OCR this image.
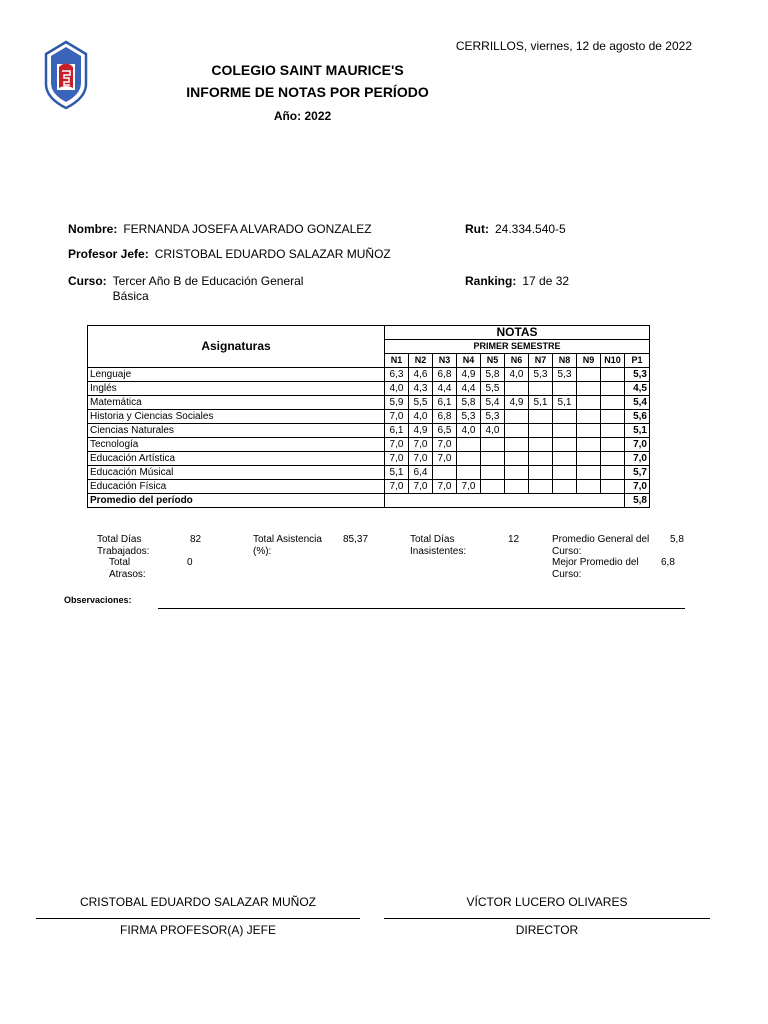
CERRILLOS, viernes, 12 de agosto de 2022
COLEGIO SAINT MAURICE'S
INFORME DE NOTAS POR PERÍODO
Año: 2022
Nombre: FERNANDA JOSEFA ALVARADO GONZALEZ	Rut: 24.334.540-5
Profesor Jefe: CRISTOBAL EDUARDO SALAZAR MUÑOZ
Curso: Tercer Año B de Educación General Básica
Ranking: 17 de 32
Asignaturas	NOTAS										
	PRIMER SEMESTRE										
	N1	N2	N3	N4	N5	N6	N7	N8	N9	N10	P1
Lenguaje	6,3	4,6	6,8	4,9	5,8	4,0	5,3	5,3			5,3
Inglés	4,0	4,3	4,4	4,4	5,5						4,5
Matemática	5,9	5,5	6,1	5,8	5,4	4,9	5,1	5,1			5,4
Historia y Ciencias Sociales	7,0	4,0	6,8	5,3	5,3						5,6
Ciencias Naturales	6,1	4,9	6,5	4,0	4,0						5,1
Tecnología	7,0	7,0	7,0								7,0
Educación Artística	7,0	7,0	7,0								7,0
Educación Músical	5,1	6,4									5,7
Educación Física	7,0	7,0	7,0	7,0							7,0
Promedio del período											5,8
Total Días Trabajados:
82	Total Asistencia (%):
85,37	Total Días Inasistentes:
12	Promedio General del Curso:
5,8
Total Atrasos:
0	Mejor Promedio del Curso:
6,8
Observaciones:
CRISTOBAL EDUARDO SALAZAR MUÑOZ
FIRMA PROFESOR(A) JEFE
VÍCTOR LUCERO OLIVARES
DIRECTOR
